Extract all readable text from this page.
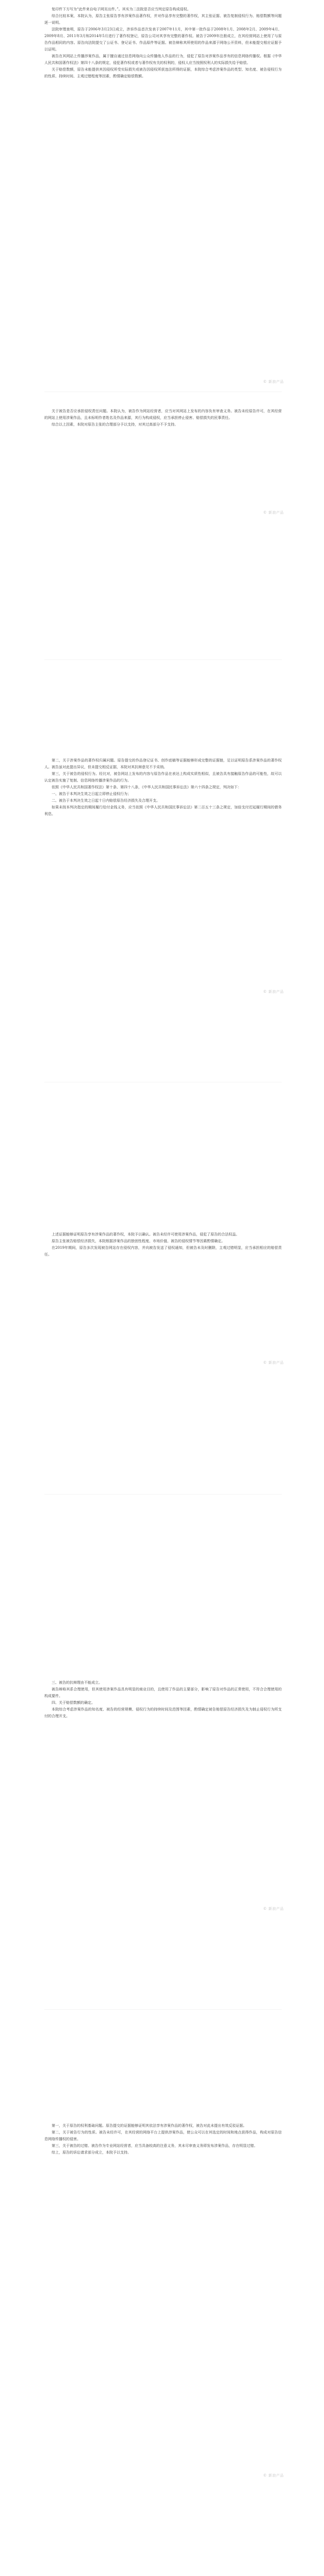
复印件下方写为“此件来自电子网页出件。”。其实为二法院是否应当判定原告构成侵权。

综合比较本案，本院认为，原告主张原告享有涉案作品著作权，并对作品享有完整的著作权，其主张证据、被告复制侵权行为、赔偿数额等问题逐一说明。

法院审理查明，原告于2006年3月23日成立，涉诉作品首次发表于2007年11月，其中第一批作品于2008年1月、2008年2月、2009年4月、2009年8月、2011年3月和2014年5月进行了著作权登记，原告公司对其享有完整的著作权。被告于2009年注册成立，在其经营网站上使用了与原告作品相同的内容。原告向法院提交了公证书、登记证书、作品原件等证据。被告辩称其所使用的作品来源于网络公开资料，但未能提交相应证据予以证明。

被告在其网站上传播涉案作品，属于擅自通过信息网络向公众传播他人作品的行为，侵犯了原告对涉案作品享有的信息网络传播权。根据《中华人民共和国著作权法》第四十八条的规定，侵犯著作权或者与著作权有关的权利的，侵权人应当按照权利人的实际损失给予赔偿。

关于赔偿数额，原告未能提供其因侵权所受实际损失或被告因侵权所获违法所得的证据，本院综合考虑涉案作品的类型、知名度、被告侵权行为的性质、持续时间、主观过错程度等因素，酌情确定赔偿数额。

© 新浪产品

关于被告是否应承担侵权责任问题。本院认为，被告作为网站经营者，应当对其网站上发布的内容负有审查义务。被告未经原告许可，在其经营的网站上使用涉案作品，且未标明作者姓名及作品来源，其行为构成侵权，应当承担停止侵害、赔偿损失的民事责任。

综合以上因素，本院对原告主张的合理部分予以支持，对其过高部分不予支持。

© 新浪产品

第二，关于涉案作品的著作权归属问题。原告提交的作品登记证书、创作底稿等证据能够形成完整的证据链，足以证明原告系涉案作品的著作权人。被告虽对此提出异议，但未提交相反证据，本院对其抗辩意见不予采纳。

第三，关于被告的侵权行为。经比对，被告网站上发布的内容与原告作品在表达上构成实质性相似，且被告具有接触原告作品的可能性，故可以认定被告实施了复制、信息网络传播涉案作品的行为。

依照《中华人民共和国著作权法》第十条、第四十八条，《中华人民共和国民事诉讼法》第六十四条之规定，判决如下：

一、被告于本判决生效之日起立即停止侵权行为；

二、被告于本判决生效之日起十日内赔偿原告经济损失及合理开支。

如果未按本判决指定的期间履行给付金钱义务，应当依照《中华人民共和国民事诉讼法》第二百五十三条之规定，加倍支付迟延履行期间的债务利息。

© 新浪产品

上述证据能够证明原告享有涉案作品的著作权，本院予以确认。被告未经许可使用涉案作品，侵犯了原告的合法权益。

原告主张被告赔偿经济损失，本院根据涉案作品的独创性程度、市场价值、被告的侵权情节等因素酌情确定。

在2019年期间，原告多次发现被告网站存在侵权内容，并向被告发送了侵权通知，但被告未及时删除，主观过错明显，应当承担相应的赔偿责任。

© 新浪产品

三、被告的抗辩理由不能成立。

被告辩称其系合理使用，但其使用涉案作品具有明显的商业目的，且使用了作品的主要部分，影响了原告对作品的正常使用，不符合合理使用的构成要件。

四、关于赔偿数额的确定。

本院综合考虑涉案作品的知名度、被告的经营规模、侵权行为的持续时间及范围等因素，酌情确定被告赔偿原告经济损失及为制止侵权行为所支付的合理开支。

© 新浪产品

第一，关于原告的权利基础问题。原告提交的证据能够证明其依法享有涉案作品的著作权，被告对此未提出有效反驳证据。

第二，关于被告行为的性质。被告未经许可，在其经营的网络平台上提供涉案作品，使公众可以在其选定的时间和地点获得作品，构成对原告信息网络传播权的侵害。

第三，关于被告的过错。被告作为专业网站经营者，应当具备较高的注意义务，其未尽审查义务即发布涉案作品，存在明显过错。

综上，原告的诉讼请求部分成立，本院予以支持。

© 新浪产品
